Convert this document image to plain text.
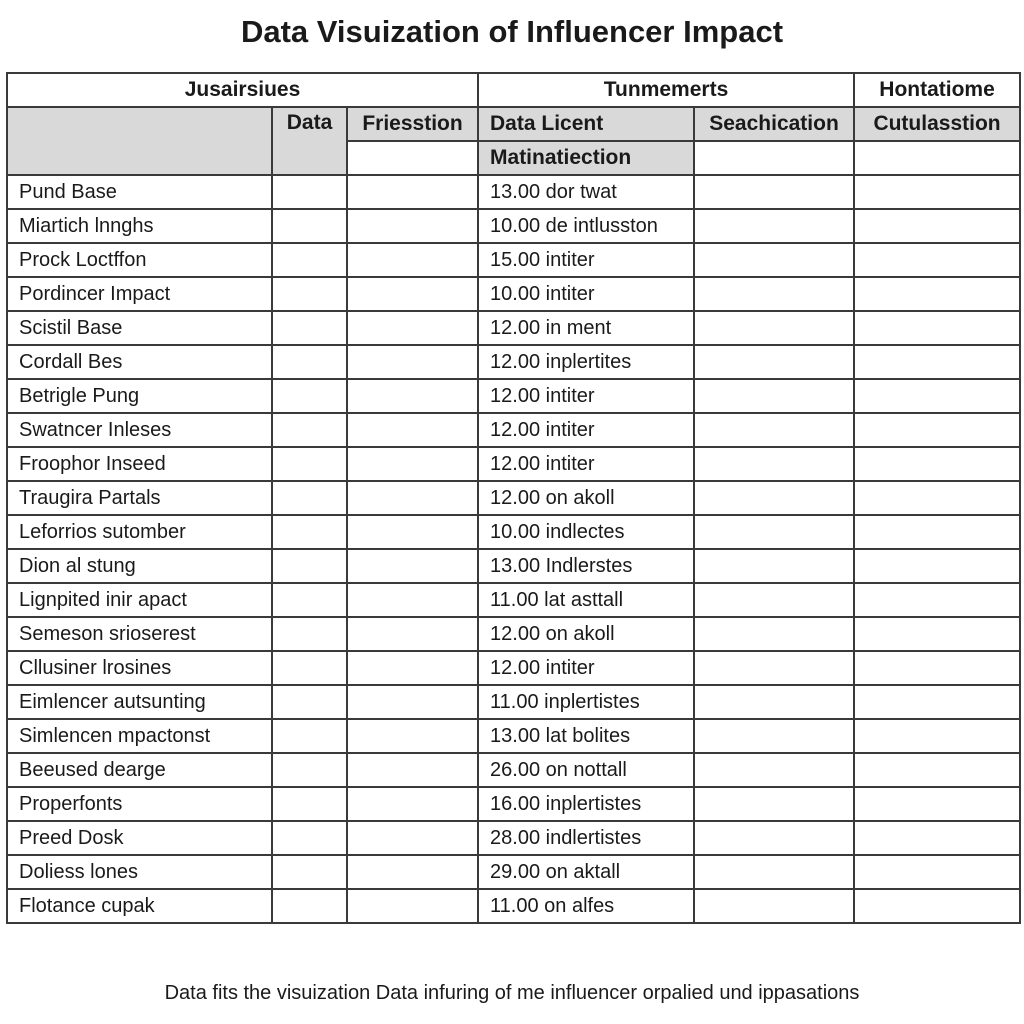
Data Visuization of Influencer Impact
Jusairsiues			Tunmemerts		Hontatiome
	Data	Friesstion	Data Licent	Seachication	Cutulasstion
			Matinatiection		
Pund Base			13.00 dor twat		
Miartich lnnghs			10.00 de intlusston		
Prock Loctffon			15.00 intiter		
Pordincer Impact			10.00 intiter		
Scistil Base			12.00 in ment		
Cordall Bes			12.00 inplertites		
Betrigle Pung			12.00 intiter		
Swatncer Inleses			12.00 intiter		
Froophor Inseed			12.00 intiter		
Traugira Partals			12.00 on akoll		
Leforrios sutomber			10.00 indlectes		
Dion al stung			13.00 Indlerstes		
Lignpited inir apact			11.00 lat asttall		
Semeson srioserest			12.00 on akoll		
Cllusiner lrosines			12.00 intiter		
Eimlencer autsunting			11.00 inplertistes		
Simlencen mpactonst			13.00 lat bolites		
Beeused dearge			26.00 on nottall		
Properfonts			16.00 inplertistes		
Preed Dosk			28.00 indlertistes		
Doliess lones			29.00 on aktall		
Flotance cupak			11.00 on alfes		
Data fits the visuization Data infuring of me influencer orpalied und ippasations
